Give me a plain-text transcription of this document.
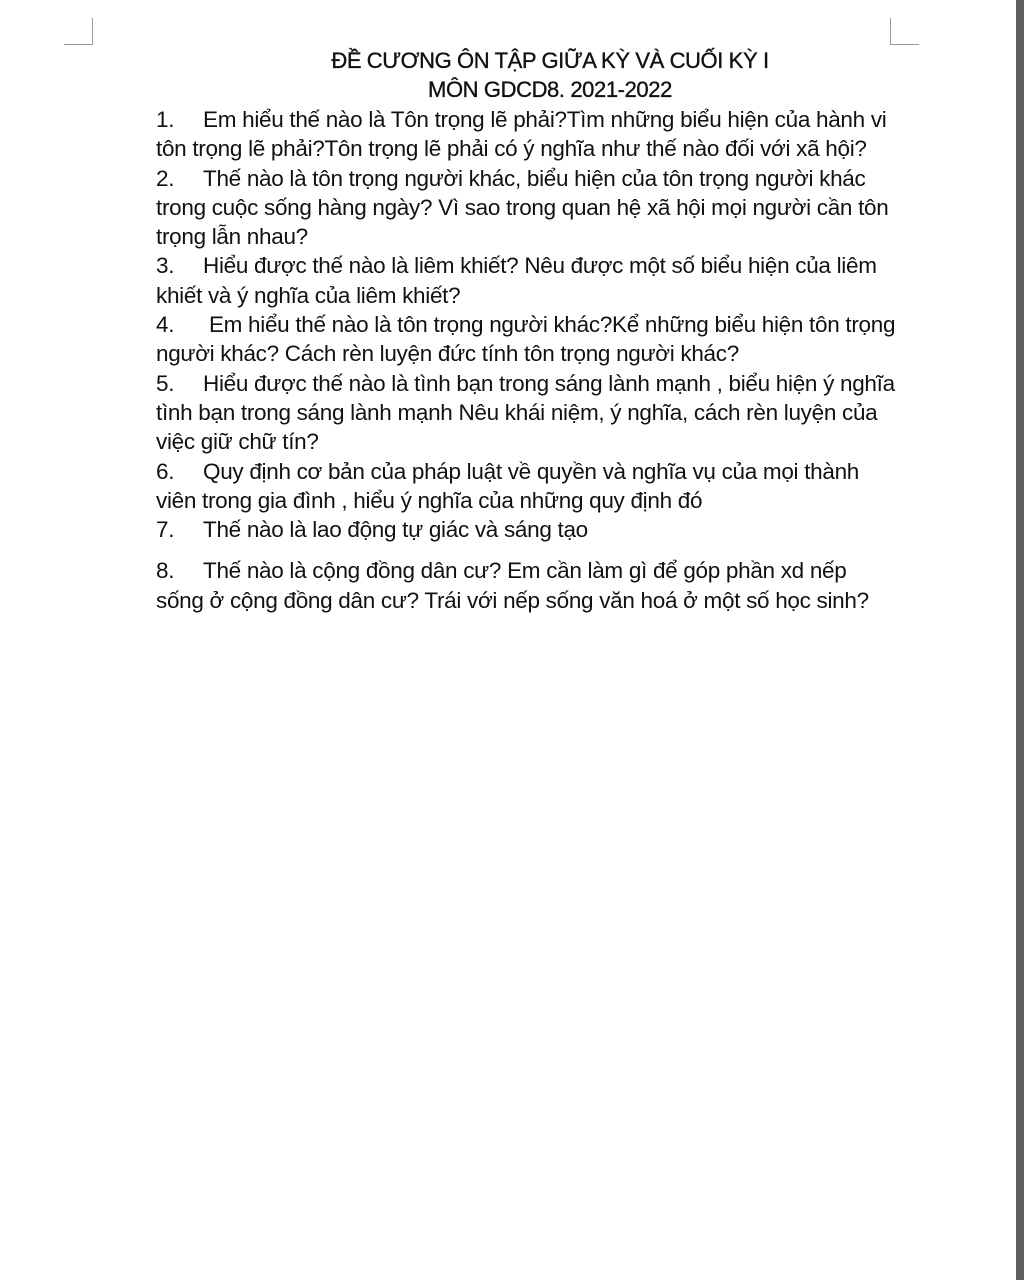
ĐỀ CƯƠNG ÔN TẬP GIỮA KỲ VÀ CUỐI KỲ I
MÔN GDCD8. 2021-2022

1. Em hiểu thế nào là Tôn trọng lẽ phải?Tìm những biểu hiện của hành vi tôn trọng lẽ phải?Tôn trọng lẽ phải có ý nghĩa như thế nào đối với xã hội?

2. Thế nào là tôn trọng người khác, biểu hiện của tôn trọng người khác trong cuộc sống hàng ngày? Vì sao trong quan hệ xã hội mọi người cần tôn trọng lẫn nhau?

3. Hiểu được thế nào là liêm khiết? Nêu được một số biểu hiện của liêm khiết và ý nghĩa của liêm khiết?

4. Em hiểu thế nào là tôn trọng người khác?Kể những biểu hiện tôn trọng người khác? Cách rèn luyện đức tính tôn trọng người khác?

5. Hiểu được thế nào là tình bạn trong sáng lành mạnh , biểu hiện ý nghĩa tình bạn trong sáng lành mạnh Nêu khái niệm, ý nghĩa, cách rèn luyện của việc giữ chữ tín?

6. Quy định cơ bản của pháp luật về quyền và nghĩa vụ của mọi thành viên trong gia đình , hiểu ý nghĩa của những quy định đó

7. Thế nào là lao động tự giác và sáng tạo

8. Thế nào là cộng đồng dân cư? Em cần làm gì để góp phần xd nếp sống ở cộng đồng dân cư? Trái với nếp sống văn hoá ở một số học sinh?
